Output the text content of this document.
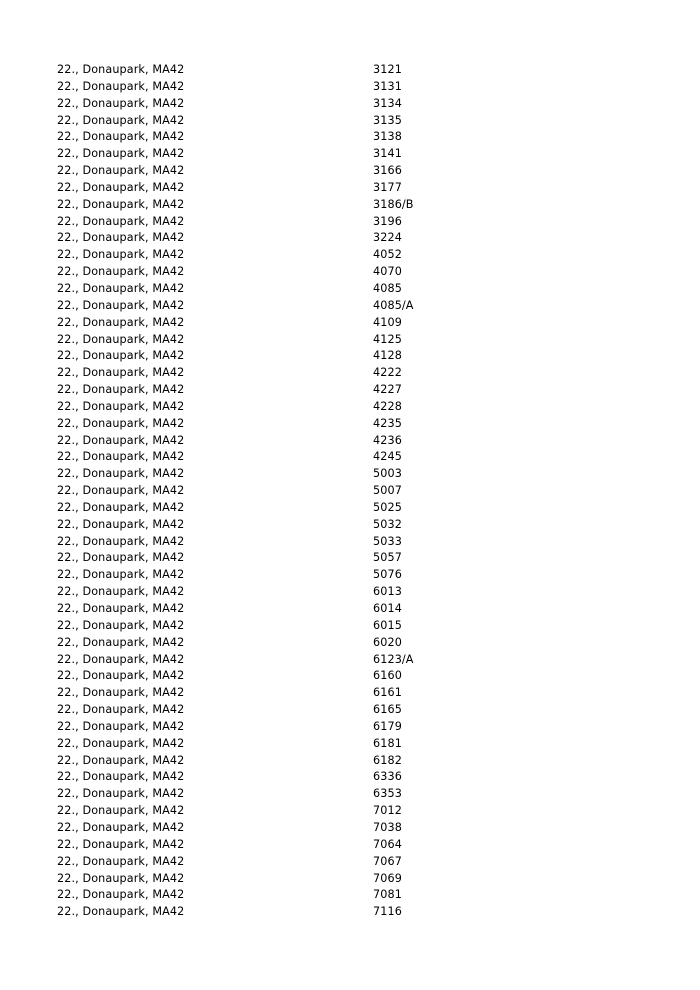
22., Donaupark, MA42	3121
22., Donaupark, MA42	3131
22., Donaupark, MA42	3134
22., Donaupark, MA42	3135
22., Donaupark, MA42	3138
22., Donaupark, MA42	3141
22., Donaupark, MA42	3166
22., Donaupark, MA42	3177
22., Donaupark, MA42	3186/B
22., Donaupark, MA42	3196
22., Donaupark, MA42	3224
22., Donaupark, MA42	4052
22., Donaupark, MA42	4070
22., Donaupark, MA42	4085
22., Donaupark, MA42	4085/A
22., Donaupark, MA42	4109
22., Donaupark, MA42	4125
22., Donaupark, MA42	4128
22., Donaupark, MA42	4222
22., Donaupark, MA42	4227
22., Donaupark, MA42	4228
22., Donaupark, MA42	4235
22., Donaupark, MA42	4236
22., Donaupark, MA42	4245
22., Donaupark, MA42	5003
22., Donaupark, MA42	5007
22., Donaupark, MA42	5025
22., Donaupark, MA42	5032
22., Donaupark, MA42	5033
22., Donaupark, MA42	5057
22., Donaupark, MA42	5076
22., Donaupark, MA42	6013
22., Donaupark, MA42	6014
22., Donaupark, MA42	6015
22., Donaupark, MA42	6020
22., Donaupark, MA42	6123/A
22., Donaupark, MA42	6160
22., Donaupark, MA42	6161
22., Donaupark, MA42	6165
22., Donaupark, MA42	6179
22., Donaupark, MA42	6181
22., Donaupark, MA42	6182
22., Donaupark, MA42	6336
22., Donaupark, MA42	6353
22., Donaupark, MA42	7012
22., Donaupark, MA42	7038
22., Donaupark, MA42	7064
22., Donaupark, MA42	7067
22., Donaupark, MA42	7069
22., Donaupark, MA42	7081
22., Donaupark, MA42	7116
